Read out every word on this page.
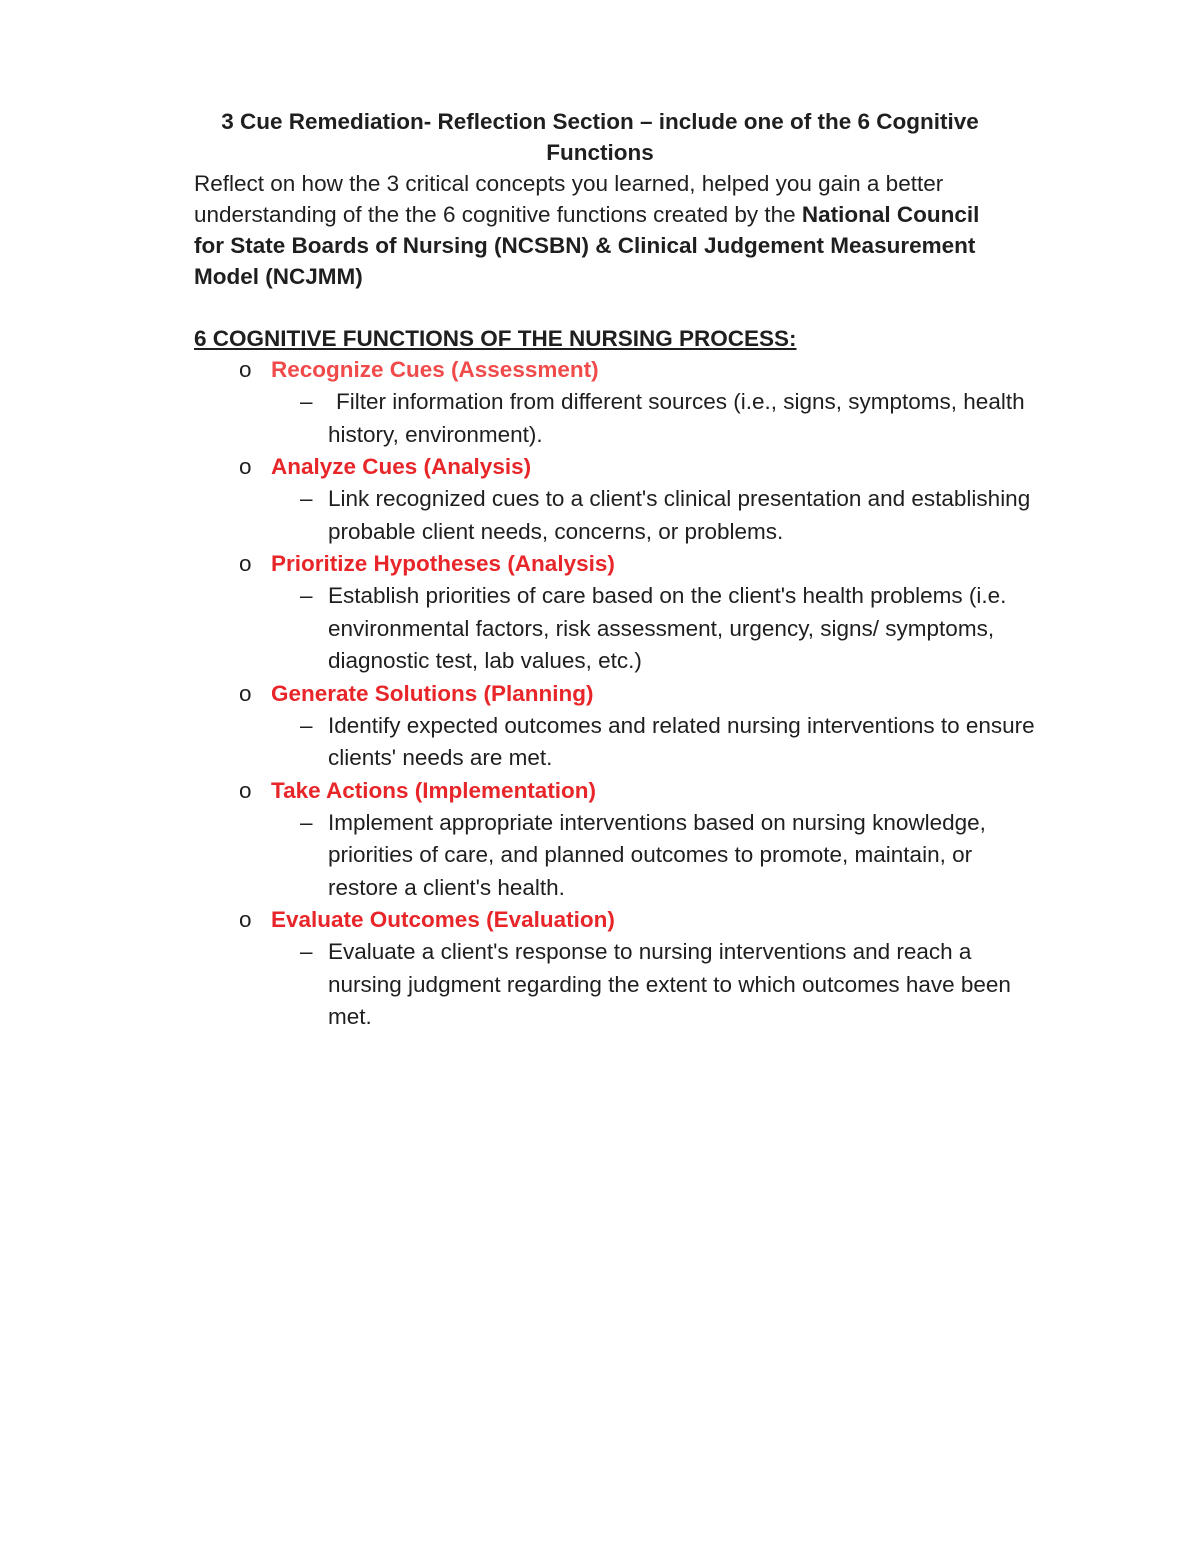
3 Cue Remediation- Reflection Section – include one of the 6 Cognitive Functions

Reflect on how the 3 critical concepts you learned, helped you gain a better understanding of the the 6 cognitive functions created by the National Council for State Boards of Nursing (NCSBN) & Clinical Judgement Measurement Model (NCJMM)

6 COGNITIVE FUNCTIONS OF THE NURSING PROCESS:

o Recognize Cues (Assessment)
– Filter information from different sources (i.e., signs, symptoms, health history, environment).
o Analyze Cues (Analysis)
– Link recognized cues to a client's clinical presentation and establishing probable client needs, concerns, or problems.
o Prioritize Hypotheses (Analysis)
– Establish priorities of care based on the client's health problems (i.e. environmental factors, risk assessment, urgency, signs/ symptoms, diagnostic test, lab values, etc.)
o Generate Solutions (Planning)
– Identify expected outcomes and related nursing interventions to ensure clients' needs are met.
o Take Actions (Implementation)
– Implement appropriate interventions based on nursing knowledge, priorities of care, and planned outcomes to promote, maintain, or restore a client's health.
o Evaluate Outcomes (Evaluation)
– Evaluate a client's response to nursing interventions and reach a nursing judgment regarding the extent to which outcomes have been met.
